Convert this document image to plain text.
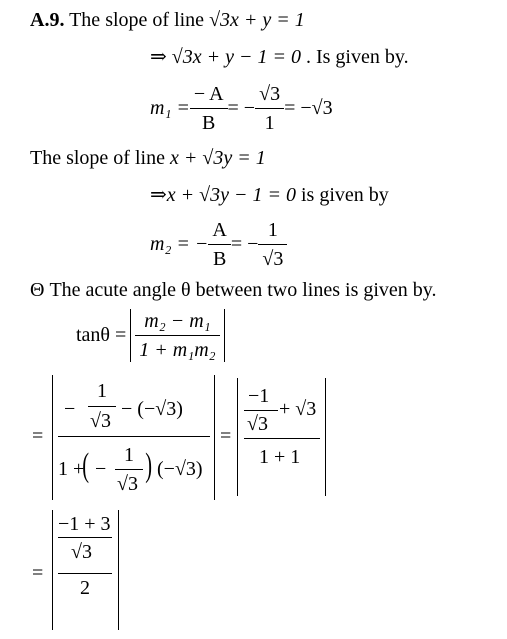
A.9. The slope of line √3x + y = 1
⇒ √3x + y − 1 = 0 . Is given by.
$m_1 = \frac{- A}{B}$ = − $\frac{√3}{1} = -√3$
The slope of line x + √3y = 1
⇒x + √3y − 1 = 0 is given by
m₂ = − $\frac{A}{B}$ = − $\frac{1}{√3}$
Θ The acute angle θ between two lines is given by.
$\tan\theta = \frac{\text{m₂ − m₁}}{\text{1 + m₁m₂}}$
=
−
1
√3
− (−√3)
1 +
( −
1
√3 ) (−√3)
=
−1
√3
+ √3
1 + 1
=
−1 + 3
√3
2
